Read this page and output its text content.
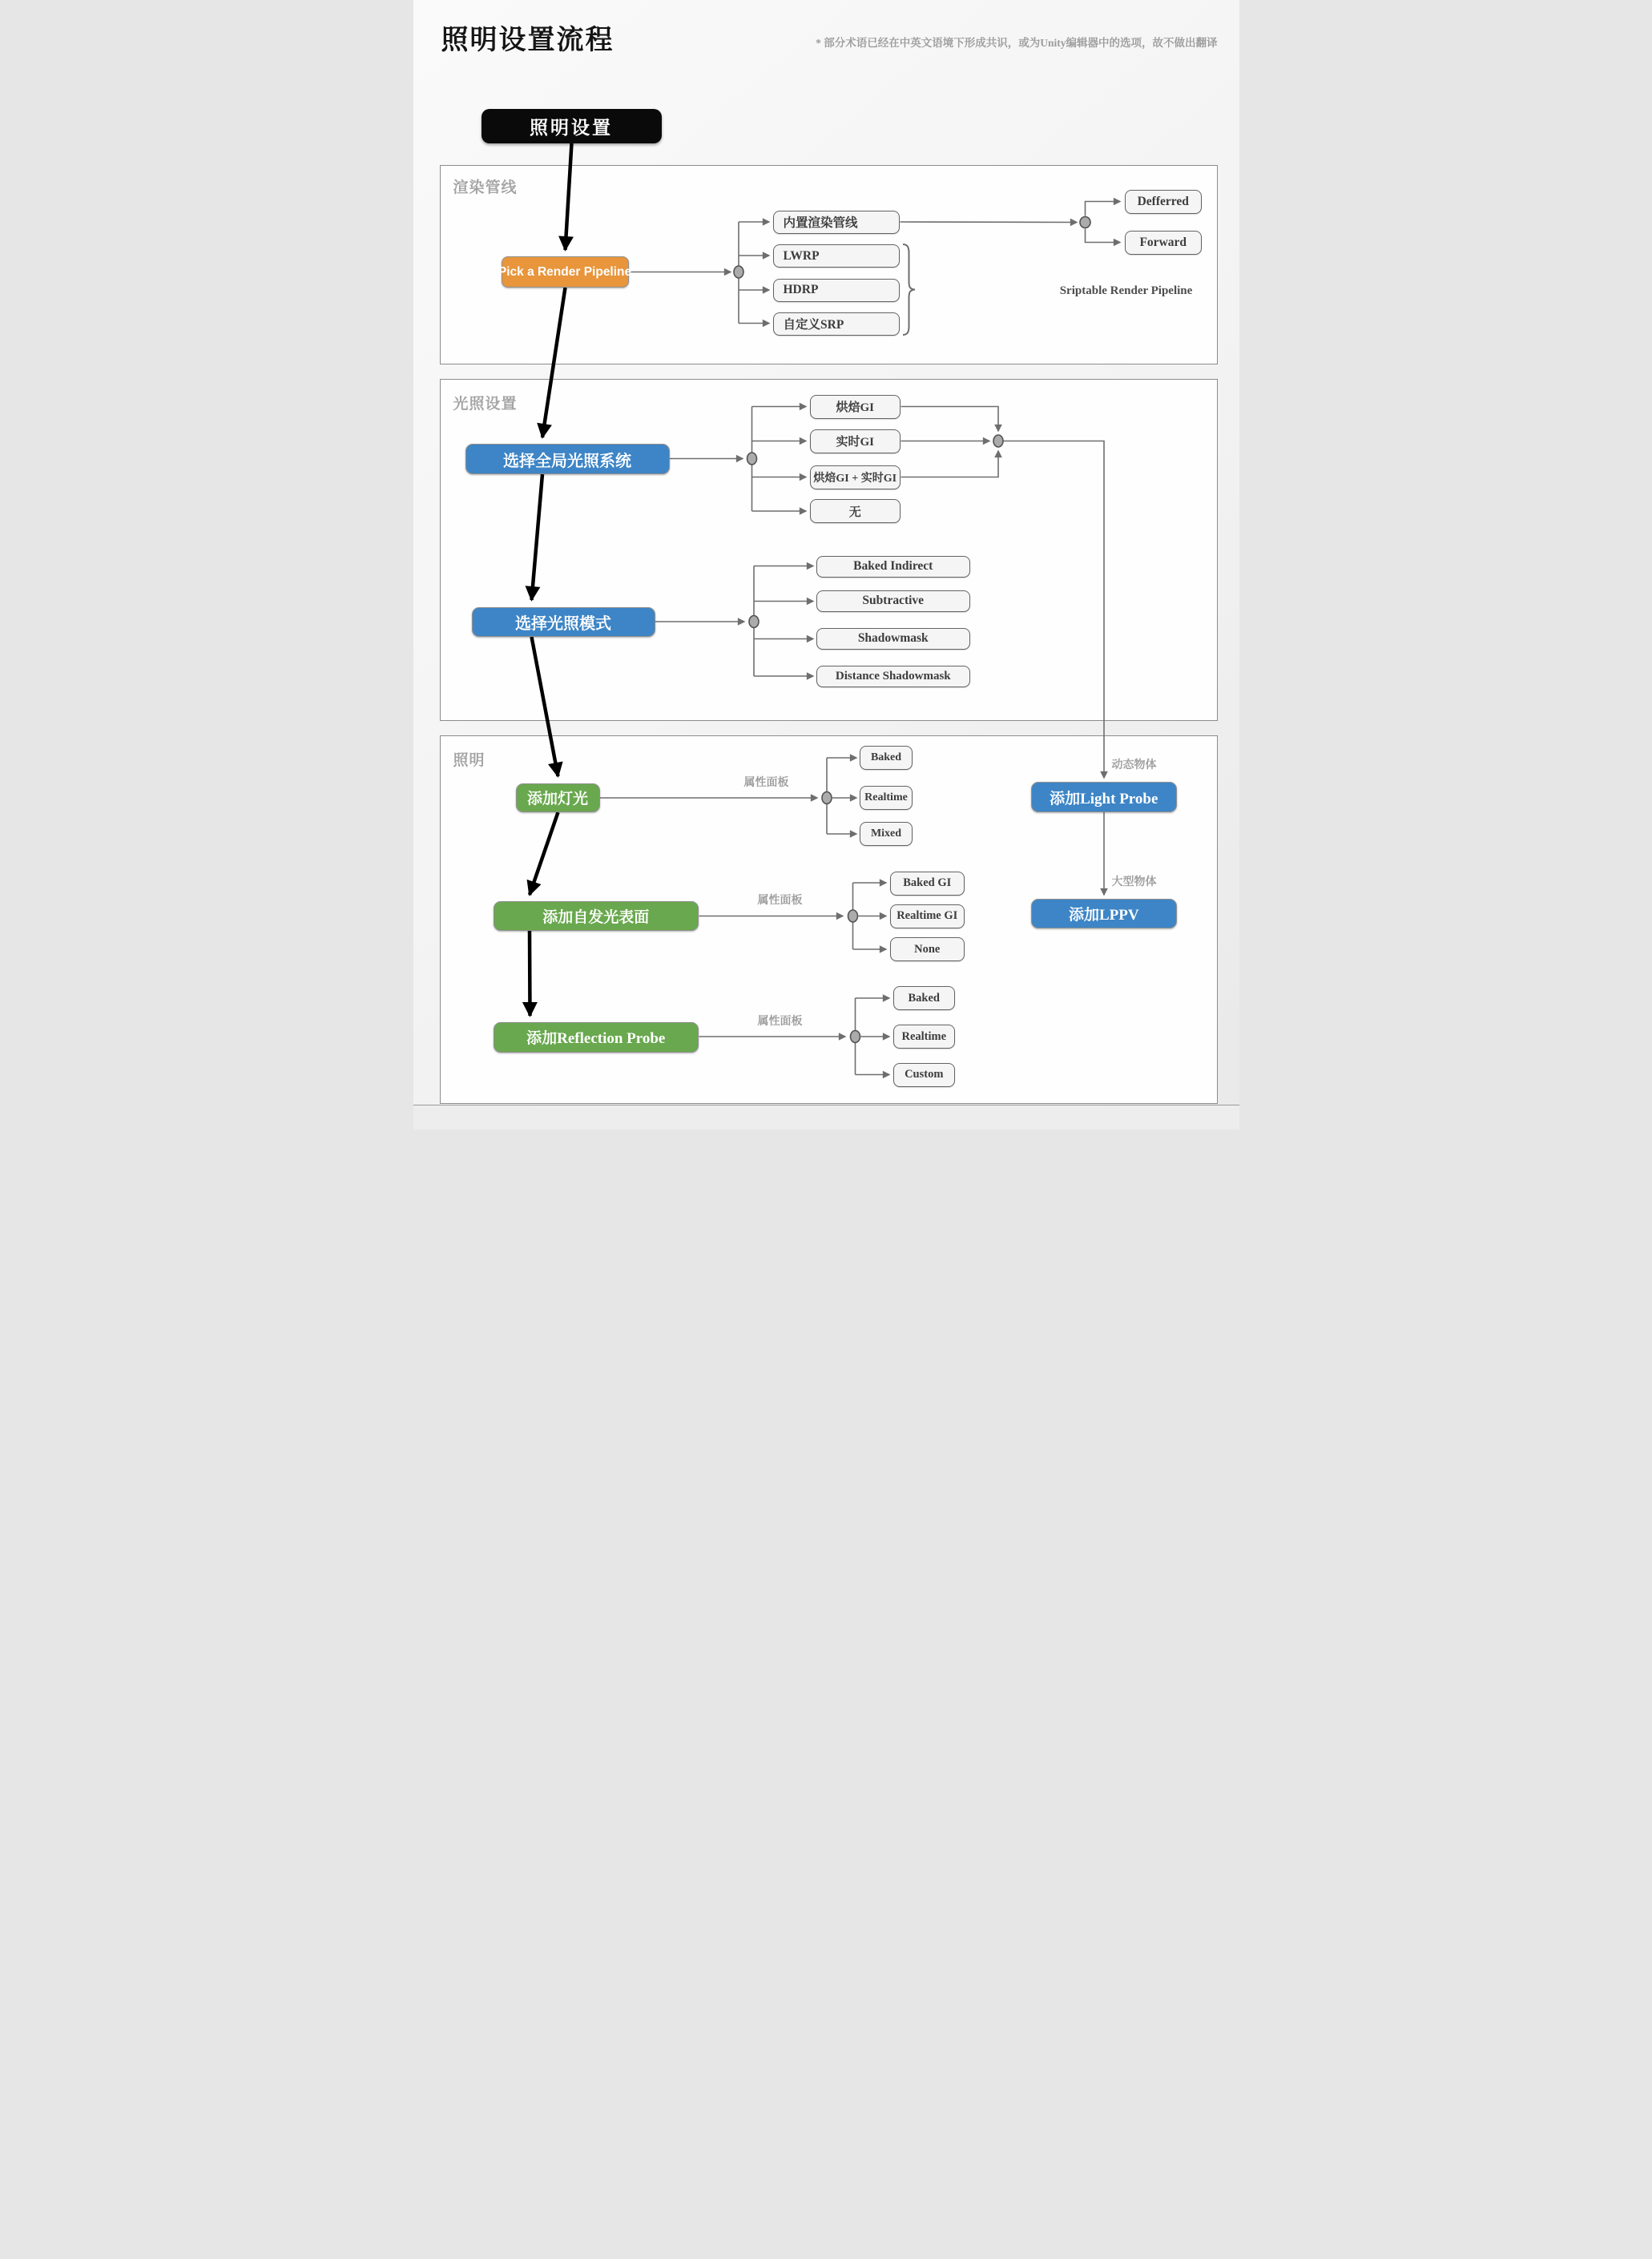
照明设置流程	* 部分术语已经在中英文语境下形成共识，或为Unity编辑器中的选项，故不做出翻译
渲染管线
光照设置
照明
照明设置
Pick a Render Pipeline
内置渲染管线
LWRP
HDRP
自定义SRP
Defferred
Forward
Sriptable Render Pipeline
选择全局光照系统
烘焙GI
实时GI
烘焙GI + 实时GI
无
选择光照模式
Baked Indirect
Subtractive
Shadowmask
Distance Shadowmask
添加灯光
属性面板
Baked
Realtime
Mixed
添加自发光表面
属性面板
Baked GI
Realtime GI
None
添加Reflection Probe
属性面板
Baked
Realtime
Custom
动态物体
添加Light Probe
大型物体
添加LPPV
